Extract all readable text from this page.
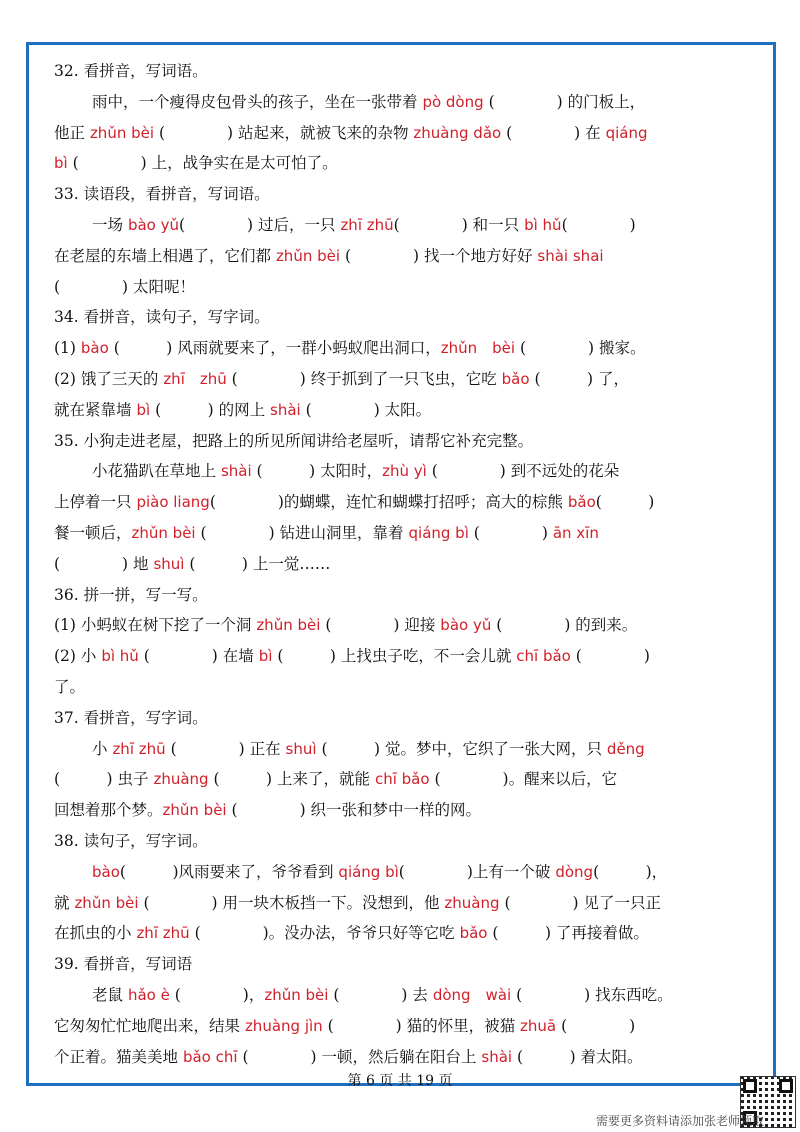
32. 看拼音，写词语。
雨中，一个瘦得皮包骨头的孩子，坐在一张带着 pò dòng (　　　　) 的门板上，
他正 zhǔn bèi (　　　　) 站起来，就被飞来的杂物 zhuàng dǎo (　　　　) 在 qiáng
bì (　　　　) 上，战争实在是太可怕了。
33. 读语段，看拼音，写词语。
一场 bào yǔ(　　　　) 过后，一只 zhī zhū(　　　　) 和一只 bì hǔ(　　　　)
在老屋的东墙上相遇了，它们都 zhǔn bèi (　　　　) 找一个地方好好 shài shai
(　　　　) 太阳呢！
34. 看拼音，读句子，写字词。
(1) bào (　　　) 风雨就要来了，一群小蚂蚁爬出洞口，zhǔn　bèi (　　　　) 搬家。
(2) 饿了三天的 zhī　zhū (　　　　) 终于抓到了一只飞虫，它吃 bǎo (　　　) 了，
就在紧靠墙 bì (　　　) 的网上 shài (　　　　) 太阳。
35. 小狗走进老屋，把路上的所见所闻讲给老屋听，请帮它补充完整。
小花猫趴在草地上 shài (　　　) 太阳时，zhù yì (　　　　) 到不远处的花朵
上停着一只 piào liang(　　　　)的蝴蝶，连忙和蝴蝶打招呼；高大的棕熊 bǎo(　　　)
餐一顿后，zhǔn bèi (　　　　) 钻进山洞里，靠着 qiáng bì (　　　　) ān xīn
(　　　　) 地 shuì (　　　) 上一觉……
36. 拼一拼，写一写。
(1) 小蚂蚁在树下挖了一个洞 zhǔn bèi (　　　　) 迎接 bào yǔ (　　　　) 的到来。
(2) 小 bì hǔ (　　　　) 在墙 bì (　　　) 上找虫子吃，不一会儿就 chī bǎo (　　　　)
了。
37. 看拼音，写字词。
小 zhī zhū (　　　　) 正在 shuì (　　　) 觉。梦中，它织了一张大网，只 děng
(　　　) 虫子 zhuàng (　　　) 上来了，就能 chī bǎo (　　　　)。醒来以后，它
回想着那个梦。zhǔn bèi (　　　　) 织一张和梦中一样的网。
38. 读句子，写字词。
bào(　　　)风雨要来了，爷爷看到 qiáng bì(　　　　)上有一个破 dòng(　　　)，
就 zhǔn bèi (　　　　) 用一块木板挡一下。没想到，他 zhuàng (　　　　) 见了一只正
在抓虫的小 zhī zhū (　　　　)。没办法，爷爷只好等它吃 bǎo (　　　) 了再接着做。
39. 看拼音，写词语
老鼠 hǎo è (　　　　)，zhǔn bèi (　　　　) 去 dòng　wài (　　　　) 找东西吃。
它匆匆忙忙地爬出来，结果 zhuàng jìn (　　　　) 猫的怀里，被猫 zhuā (　　　　)
个正着。猫美美地 bǎo chī (　　　　) 一顿，然后躺在阳台上 shài (　　　) 着太阳。
第 6 页 共 19 页
需要更多资料请添加张老师领取
